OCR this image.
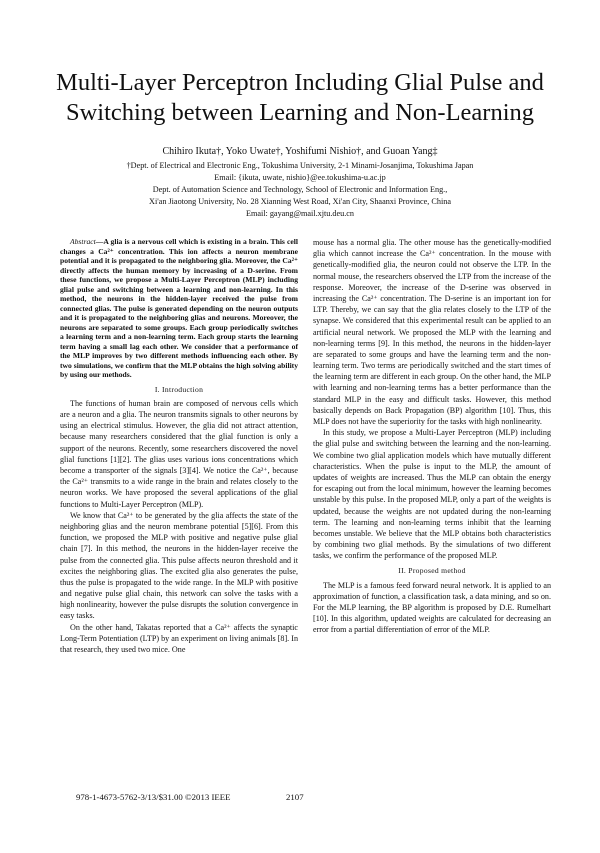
Multi-Layer Perceptron Including Glial Pulse and
Switching between Learning and Non-Learning
Chihiro Ikuta†, Yoko Uwate†, Yoshifumi Nishio†, and Guoan Yang‡
†Dept. of Electrical and Electronic Eng., Tokushima University, 2-1 Minami-Josanjima, Tokushima Japan
Email: {ikuta, uwate, nishio}@ee.tokushima-u.ac.jp
Dept. of Automation Science and Technology, School of Electronic and Information Eng.,
Xi'an Jiaotong University, No. 28 Xianning West Road, Xi'an City, Shaanxi Province, China
Email: gayang@mail.xjtu.deu.cn

Abstract—A glia is a nervous cell which is existing in a brain. This cell changes a Ca²⁺ concentration. This ion affects a neuron membrane potential and it is propagated to the neighboring glia. Moreover, the Ca²⁺ directly affects the human memory by increasing of a D-serine. From these functions, we propose a Multi-Layer Perceptron (MLP) including glial pulse and switching between a learning and non-learning. In this method, the neurons in the hidden-layer received the pulse from connected glias. The pulse is generated depending on the neuron outputs and it is propagated to the neighboring glias and neurons. Moreover, the neurons are separated to some groups. Each group periodically switches a learning term and a non-learning term. Each group starts the learning term having a small lag each other. We consider that a performance of the MLP improves by two different methods influencing each other. By two simulations, we confirm that the MLP obtains the high solving ability by using our methods.

I. Introduction

The functions of human brain are composed of nervous cells which are a neuron and a glia. The neuron transmits signals to other neurons by using an electrical stimulus. However, the glia did not attract attention, because many researchers considered that the glial function is only a support of the neurons. Recently, some researchers discovered the novel glial functions [1][2]. The glias uses various ions concentrations which become a transporter of the signals [3][4]. We notice the Ca²⁺, because the Ca²⁺ transmits to a wide range in the brain and relates closely to the neuron works. We have proposed the several applications of the glial functions to Multi-Layer Perceptron (MLP).

We know that Ca²⁺ to be generated by the glia affects the state of the neighboring glias and the neuron membrane potential [5][6]. From this function, we proposed the MLP with positive and negative pulse glial chain [7]. In this method, the neurons in the hidden-layer receive the pulse from the connected glia. This pulse affects neuron threshold and it excites the neighboring glias. The excited glia also generates the pulse, thus the pulse is propagated to the wide range. In the MLP with positive and negative pulse glial chain, this network can solve the tasks with a high nonlinearity, however the pulse disrupts the solution convergence in easy tasks.

On the other hand, Takatas reported that a Ca²⁺ affects the synaptic Long-Term Potentiation (LTP) by an experiment on living animals [8]. In that research, they used two mice. One

mouse has a normal glia. The other mouse has the genetically-modified glia which cannot increase the Ca²⁺ concentration. In the mouse with genetically-modified glia, the neuron could not observe the LTP. In the normal mouse, the researchers observed the LTP from the increase of the response. Moreover, the increase of the D-serine was observed in increasing the Ca²⁺ concentration. The D-serine is an important ion for LTP. Thereby, we can say that the glia relates closely to the LTP of the synapse. We considered that this experimental result can be applied to an artificial neural network. We proposed the MLP with the learning and non-learning terms [9]. In this method, the neurons in the hidden-layer are separated to some groups and have the learning term and the non-learning term. Two terms are periodically switched and the start times of the learning term are different in each group. On the other hand, the MLP with learning and non-learning terms has a better performance than the standard MLP in the easy and difficult tasks. However, this method basically depends on Back Propagation (BP) algorithm [10]. Thus, this MLP does not have the superiority for the tasks with high nonlinearity.

In this study, we propose a Multi-Layer Perceptron (MLP) including the glial pulse and switching between the learning and the non-learning. We combine two glial application models which have mutually different characteristics. When the pulse is input to the MLP, the amount of updates of weights are increased. Thus the MLP can obtain the energy for escaping out from the local minimum, however the learning becomes unstable by this pulse. In the proposed MLP, only a part of the weights is updated, because the weights are not updated during the non-learning term. The learning and non-learning terms inhibit that the learning becomes unstable. We believe that the MLP obtains both characteristics by combining two glial methods. By the simulations of two different tasks, we confirm the performance of the proposed MLP.

II. Proposed method

The MLP is a famous feed forward neural network. It is applied to an approximation of function, a classification task, a data mining, and so on. For the MLP learning, the BP algorithm is proposed by D.E. Rumelhart [10]. In this algorithm, updated weights are calculated for decreasing an error from a partial differentiation of error of the MLP.

978-1-4673-5762-3/13/$31.00 ©2013 IEEE	2107
